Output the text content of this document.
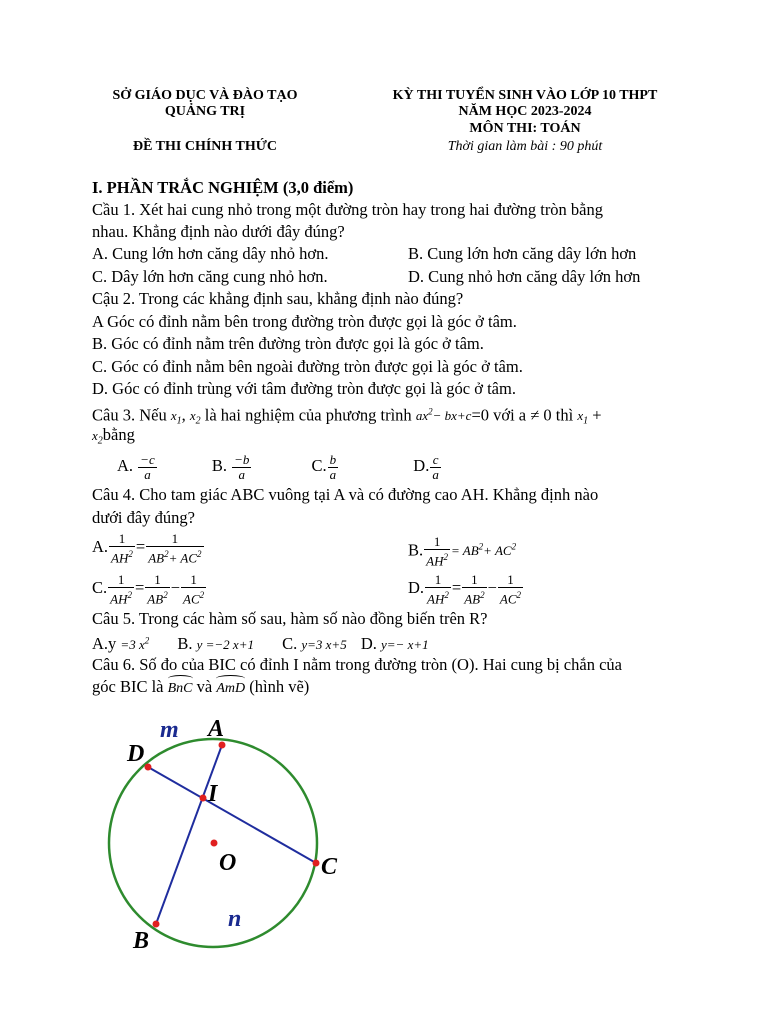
SỞ GIÁO DỤC VÀ ĐÀO TẠO
QUẢNG TRỊ
ĐỀ THI CHÍNH THỨC
KỲ THI TUYỂN SINH VÀO LỚP 10 THPT
NĂM HỌC 2023-2024
MÔN THI: TOÁN
Thời gian làm bài : 90 phút
I. PHẦN TRẮC NGHIỆM (3,0 điểm)
Cầu 1. Xét hai cung nhỏ trong một đường tròn hay trong hai đường tròn bằng
nhau. Khẳng định nào dưới đây đúng?
A. Cung lớn hơn căng dây nhỏ hơn.	B. Cung lớn hơn căng dây lớn hơn
C. Dây lớn hơn căng cung nhỏ hơn.	D. Cung nhỏ hơn căng dây lớn hơn
Cậu 2. Trong các khẳng định sau, khẳng định nào đúng?
A Góc có đỉnh nằm bên trong đường tròn được gọi là góc ở tâm.
B. Góc có đỉnh nằm trên đường tròn được gọi là góc ở tâm.
C. Góc có đỉnh nằm bên ngoài đường tròn được gọi là góc ở tâm.
D. Góc có đỉnh trùng với tâm đường tròn được gọi là góc ở tâm.
Câu 3. Nếu $x_1$, $x_2$ là hai nghiệm của phương trình $ax^2- bx+c=0$ với a ≠ 0 thì $x_1$ +
$x_2bằng$
A. $\frac{-c}{a}$	B. $\frac{-b}{a}$	C. $\frac{b}{a}$	D. $\frac{c}{a}$
Câu 4. Cho tam giác ABC vuông tại A và có đường cao AH. Khẳng định nào
dưới đây đúng?
A. $\frac{1}{AH^2} = \frac{1}{AB^2+ AC^2}$	B. $\frac{1}{AH^2} = AB^2+ AC^2$
C. $\frac{1}{AH^2} = \frac{1}{AB^2} - \frac{1}{AC^2}$	D. $\frac{1}{AH^2} = \frac{1}{AB^2} - \frac{1}{AC^2}$
Câu 5. Trong các hàm số sau, hàm số nào đồng biến trên R?
A.y =3 $x^2$ B. y =−2 x+1 C. y=3 x+5 D. y=− x+1
Câu 6. Số đo của BIC có đỉnh I nằm trong đường tròn (O). Hai cung bị chắn của
góc BIC là BnC và AmD (hình vẽ)
A
D
I
O	C
B
m
n
